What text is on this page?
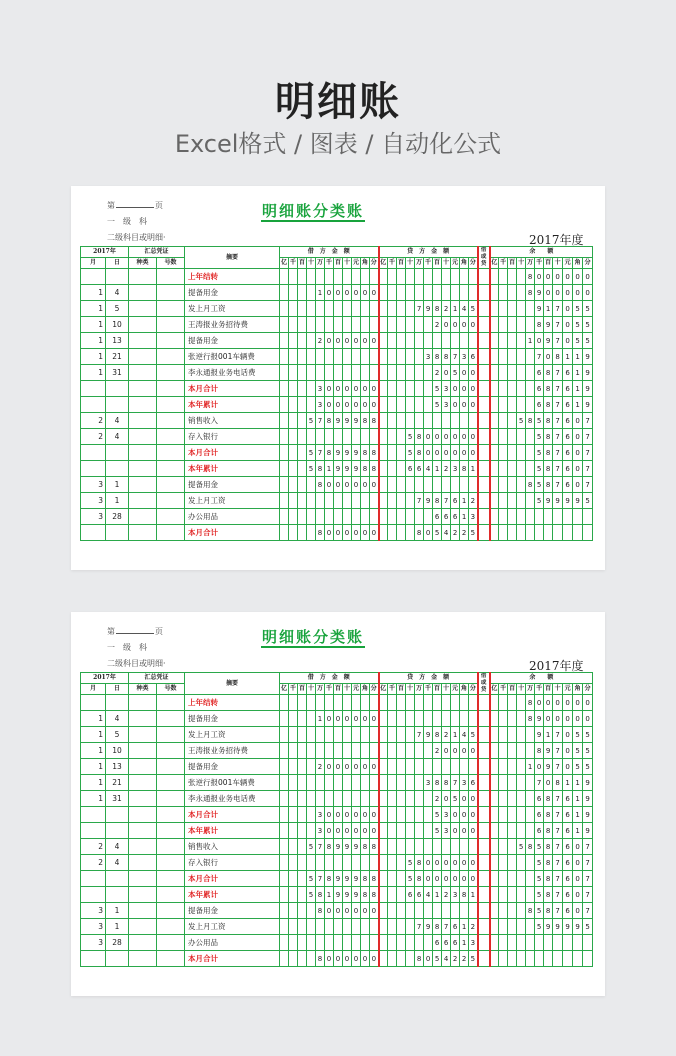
明细账
Excel格式 / 图表 / 自动化公式
第	页
一　级　科
二级科目或明细·
明细账分类账
2017年度
2017年		汇总凭证		摘要	借　方　金　额											贷　方　金　额											借或贷	余　　额										
月	日	种类	号数		亿	千	百	十	万	千	百	十	元	角	分	亿	千	百	十	万	千	百	十	元	角	分		亿	千	百	十	万	千	百	十	元	角	分
				上年结转																												8	0	0	0	0	0	0
1	4			提备用金					1	0	0	0	0	0	0																	8	9	0	0	0	0	0
1	5			发上月工资																7	9	8	2	1	4	5							9	1	7	0	5	5
1	10			王涛报业务招待费																		2	0	0	0	0							8	9	7	0	5	5
1	13			提备用金					2	0	0	0	0	0	0																	1	0	9	7	0	5	5
1	21			张逆行报001车辆费																	3	8	8	7	3	6							7	0	8	1	1	9
1	31			李永通报业务电话费																		2	0	5	0	0							6	8	7	6	1	9
				本月合计					3	0	0	0	0	0	0							5	3	0	0	0							6	8	7	6	1	9
				本年累计					3	0	0	0	0	0	0							5	3	0	0	0							6	8	7	6	1	9
2	4			销售收入				5	7	8	9	9	9	8	8																5	8	5	8	7	6	0	7
2	4			存入银行															5	8	0	0	0	0	0	0							5	8	7	6	0	7
				本月合计				5	7	8	9	9	9	8	8				5	8	0	0	0	0	0	0							5	8	7	6	0	7
				本年累计				5	8	1	9	9	9	8	8				6	6	4	1	2	3	8	1							5	8	7	6	0	7
3	1			提备用金					8	0	0	0	0	0	0																	8	5	8	7	6	0	7
3	1			发上月工资																7	9	8	7	6	1	2							5	9	9	9	9	5
3	28			办公用品																		6	6	6	1	3												
				本月合计					8	0	0	0	0	0	0					8	0	5	4	2	2	5												
第	页
一　级　科
二级科目或明细·
明细账分类账
2017年度
2017年		汇总凭证		摘要	借　方　金　额											贷　方　金　额											借或贷	余　　额										
月	日	种类	号数		亿	千	百	十	万	千	百	十	元	角	分	亿	千	百	十	万	千	百	十	元	角	分		亿	千	百	十	万	千	百	十	元	角	分
				上年结转																												8	0	0	0	0	0	0
1	4			提备用金					1	0	0	0	0	0	0																	8	9	0	0	0	0	0
1	5			发上月工资																7	9	8	2	1	4	5							9	1	7	0	5	5
1	10			王涛报业务招待费																		2	0	0	0	0							8	9	7	0	5	5
1	13			提备用金					2	0	0	0	0	0	0																	1	0	9	7	0	5	5
1	21			张逆行报001车辆费																	3	8	8	7	3	6							7	0	8	1	1	9
1	31			李永通报业务电话费																		2	0	5	0	0							6	8	7	6	1	9
				本月合计					3	0	0	0	0	0	0							5	3	0	0	0							6	8	7	6	1	9
				本年累计					3	0	0	0	0	0	0							5	3	0	0	0							6	8	7	6	1	9
2	4			销售收入				5	7	8	9	9	9	8	8																5	8	5	8	7	6	0	7
2	4			存入银行															5	8	0	0	0	0	0	0							5	8	7	6	0	7
				本月合计				5	7	8	9	9	9	8	8				5	8	0	0	0	0	0	0							5	8	7	6	0	7
				本年累计				5	8	1	9	9	9	8	8				6	6	4	1	2	3	8	1							5	8	7	6	0	7
3	1			提备用金					8	0	0	0	0	0	0																	8	5	8	7	6	0	7
3	1			发上月工资																7	9	8	7	6	1	2							5	9	9	9	9	5
3	28			办公用品																		6	6	6	1	3												
				本月合计					8	0	0	0	0	0	0					8	0	5	4	2	2	5												
